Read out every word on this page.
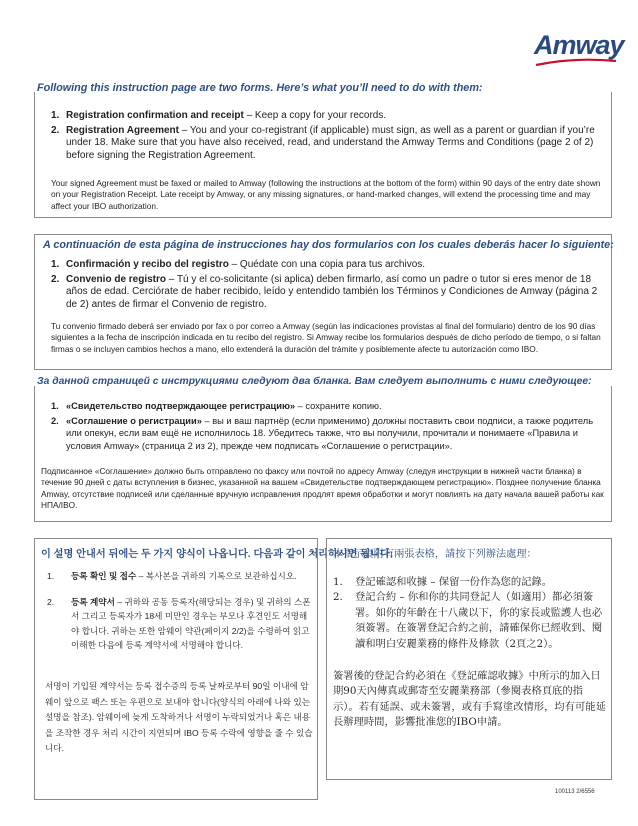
Amway
Following this instruction page are two forms. Here’s what you’ll need to do with them:
1. Registration confirmation and receipt – Keep a copy for your records.
2. Registration Agreement – You and your co-registrant (if applicable) must sign, as well as a parent or guardian if you’re under 18. Make sure that you have also received, read, and understand the Amway Terms and Conditions (page 2 of 2) before signing the Registration Agreement.

Your signed Agreement must be faxed or mailed to Amway (following the instructions at the bottom of the form) within 90 days of the entry date shown on your Registration Receipt. Late receipt by Amway, or any missing signatures, or hand-marked changes, will extend the processing time and may affect your IBO authorization.

A continuación de esta página de instrucciones hay dos formularios con los cuales deberás hacer lo siguiente:
1. Confirmación y recibo del registro – Quédate con una copia para tus archivos.
2. Convenio de registro – Tú y el co-solicitante (si aplica) deben firmarlo, así como un padre o tutor si eres menor de 18 años de edad. Cerciórate de haber recibido, leído y entendido también los Términos y Condiciones de Amway (página 2 de 2) antes de firmar el Convenio de registro.

Tu convenio firmado deberá ser enviado por fax o por correo a Amway (según las indicaciones provistas al final del formulario) dentro de los 90 días siguientes a la fecha de inscripción indicada en tu recibo del registro. Si Amway recibe los formularios después de dicho período de tiempo, o si faltan firmas o se incluyen cambios hechos a mano, ello extenderá la duración del trámite y posiblemente afecte tu autorización como IBO.

За данной страницей с инструкциями следуют два бланка. Вам следует выполнить с ними следующее:
1. «Свидетельство подтверждающее регистрацию» – сохраните копию.
2. «Соглашение о регистрации» – вы и ваш партнёр (если применимо) должны поставить свои подписи, а также родитель или опекун, если вам ещё не исполнилось 18. Убедитесь также, что вы получили, прочитали и понимаете «Правила и условия Amway» (страница 2 из 2), прежде чем подписать «Соглашение о регистрации».

Подписанное «Соглашение» должно быть отправлено по факсу или почтой по адресу Amway (следуя инструкции в нижней части бланка) в течение 90 дней с даты вступления в бизнес, указанной на вашем «Свидетельстве подтверждающем регистрацию». Позднее получение бланка Amway, отсутствие подписей или сделанные вручную исправления продлят время обработки и могут повлиять на дату начала вашей работы как НПА/IBO.

이 설명 안내서 뒤에는 두 가지 양식이 나옵니다. 다음과 같이 처리하시면 됩니다:
1. 등록 확인 및 접수 – 복사본을 귀하의 기록으로 보관하십시오.
2. 등록 계약서 – 귀하와 공동 등록자(해당되는 경우) 및 귀하의 스폰서 그리고 등록자가 18세 미만인 경우는 부모나 후견인도 서명해야 합니다. 귀하는 또한 암웨이 약관(페이지 2/2)을 수령하여 읽고 이해한 다음에 등록 계약서에 서명해야 합니다.

서명이 기입된 계약서는 등록 접수증의 등록 날짜로부터 90일 이내에 암웨이 앞으로 팩스 또는 우편으로 보내야 합니다(양식의 아래에 나와 있는 설명을 참조). 암웨이에 늦게 도착하거나 서명이 누락되었거나 혹은 내용을 조작한 경우 처리 시간이 지연되며 IBO 등록 수락에 영향을 줄 수 있습니다.

本指示頁附有兩張表格，請按下列辦法處理：
1. 登記確認和收據 – 保留一份作為您的記錄。
2. 登記合約 – 你和你的共同登記人（如適用）都必須簽署。如你的年齡在十八歲以下，你的家長或監護人也必須簽署。在簽署登記合約之前，請確保你已經收到、閱讀和明白安麗業務的條件及條款（2頁之2）。

簽署後的登記合約必須在《登記確認收據》中所示的加入日期90天內傳真或郵寄至安麗業務部（參閱表格頁底的指示）。若有延誤、或未簽署，或有手寫塗改情形，均有可能延長辦理時間，影響批准您的IBO申請。

100113 2/6556
